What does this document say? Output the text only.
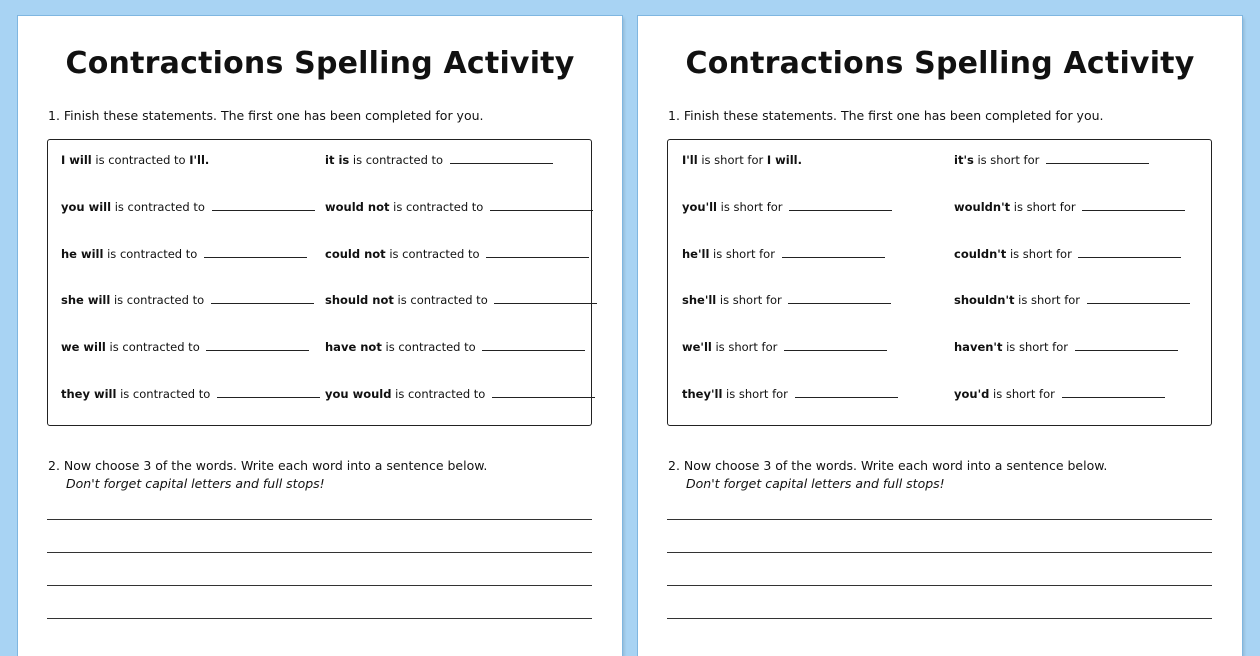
Contractions Spelling Activity
1. Finish these statements. The first one has been completed for you.
2. Now choose 3 of the words. Write each word into a sentence below.
Don't forget capital letters and full stops!
I will is contracted to I'll.
you will is contracted to
he will is contracted to
she will is contracted to
we will is contracted to
they will is contracted to
it is is contracted to
would not is contracted to
could not is contracted to
should not is contracted to
have not is contracted to
you would is contracted to
Contractions Spelling Activity
1. Finish these statements. The first one has been completed for you.
2. Now choose 3 of the words. Write each word into a sentence below.
Don't forget capital letters and full stops!
I'll is short for I will.
you'll is short for
he'll is short for
she'll is short for
we'll is short for
they'll is short for
it's is short for
wouldn't is short for
couldn't is short for
shouldn't is short for
haven't is short for
you'd is short for
